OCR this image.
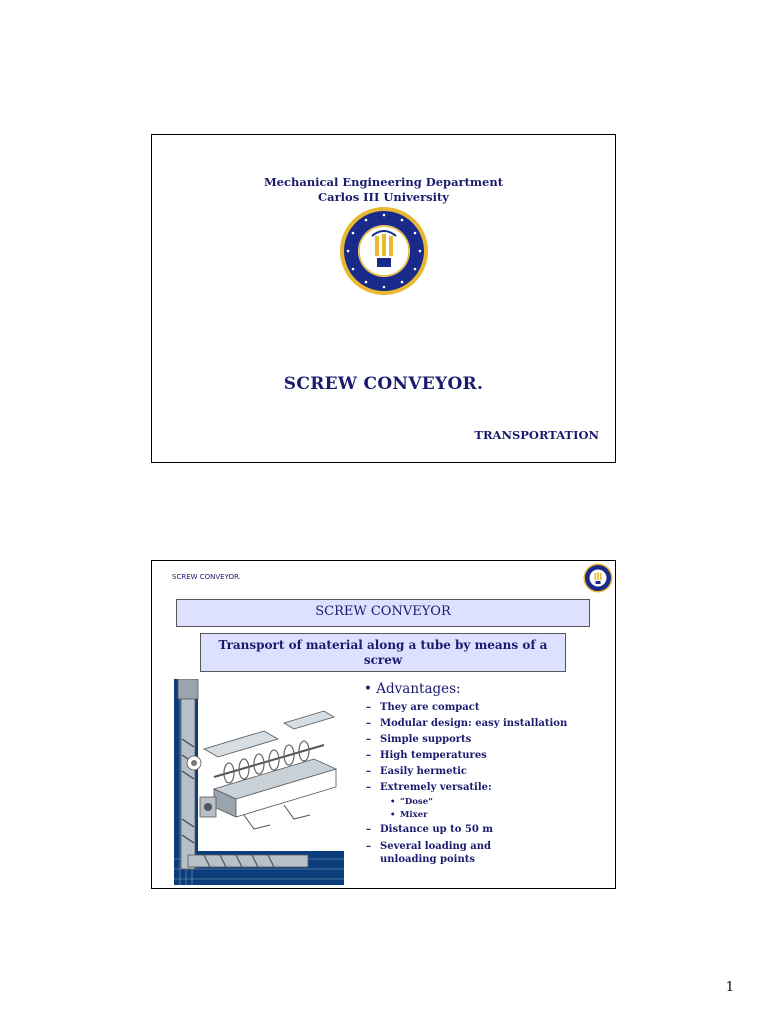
Mechanical Engineering Department
Carlos III University
SCREW CONVEYOR.
TRANSPORTATION
SCREW CONVEYOR.
SCREW CONVEYOR
Transport of material along a tube by means of a screw
• Advantages:
– They are compact
– Modular design: easy installation
– Simple supports
– High temperatures
– Easily hermetic
– Extremely versatile:
• “Dose”
• Mixer
– Distance up to 50 m
– Several loading and unloading points
1
